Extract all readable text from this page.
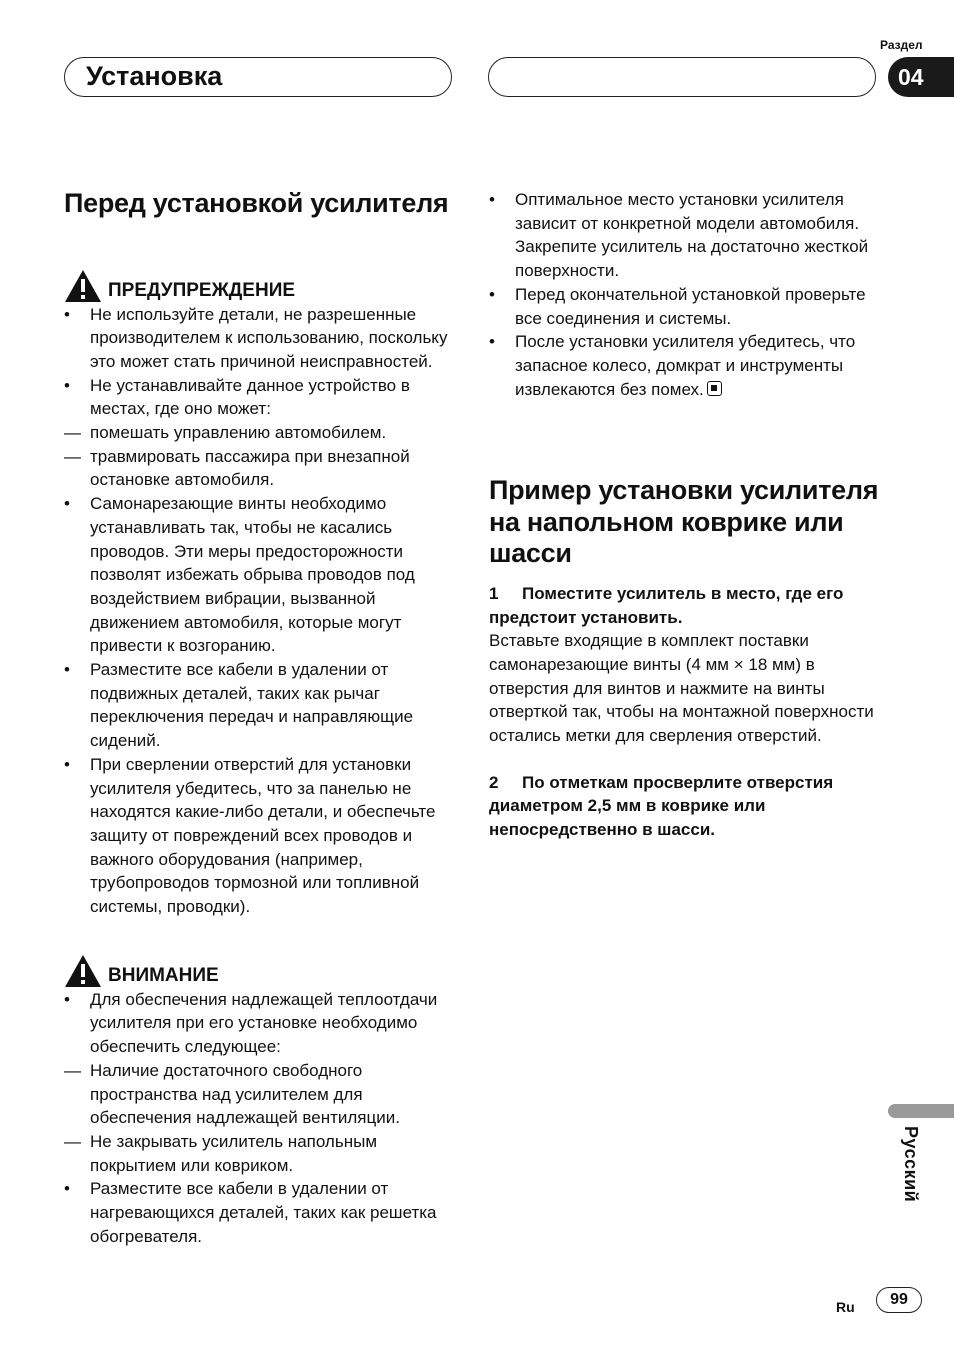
Установка
Раздел
04
Перед установкой усилителя
ПРЕДУПРЕЖДЕНИЕ
• Не используйте детали, не разрешенные производителем к использованию, поскольку это может стать причиной неисправностей.
• Не устанавливайте данное устройство в местах, где оно может:
— помешать управлению автомобилем.
— травмировать пассажира при внезапной остановке автомобиля.
• Самонарезающие винты необходимо устанавливать так, чтобы не касались проводов. Эти меры предосторожности позволят избежать обрыва проводов под воздействием вибрации, вызванной движением автомобиля, которые могут привести к возгоранию.
• Разместите все кабели в удалении от подвижных деталей, таких как рычаг переключения передач и направляющие сидений.
• При сверлении отверстий для установки усилителя убедитесь, что за панелью не находятся какие-либо детали, и обеспечьте защиту от повреждений всех проводов и важного оборудования (например, трубопроводов тормозной или топливной системы, проводки).
ВНИМАНИЕ
• Для обеспечения надлежащей теплоотдачи усилителя при его установке необходимо обеспечить следующее:
— Наличие достаточного свободного пространства над усилителем для обеспечения надлежащей вентиляции.
— Не закрывать усилитель напольным покрытием или ковриком.
• Разместите все кабели в удалении от нагревающихся деталей, таких как решетка обогревателя.
• Оптимальное место установки усилителя зависит от конкретной модели автомобиля. Закрепите усилитель на достаточно жесткой поверхности.
• Перед окончательной установкой проверьте все соединения и системы.
• После установки усилителя убедитесь, что запасное колесо, домкрат и инструменты извлекаются без помех.
Пример установки усилителя на напольном коврике или шасси
1 Поместите усилитель в место, где его предстоит установить.
Вставьте входящие в комплект поставки самонарезающие винты (4 мм × 18 мм) в отверстия для винтов и нажмите на винты отверткой так, чтобы на монтажной поверхности остались метки для сверления отверстий.
2 По отметкам просверлите отверстия диаметром 2,5 мм в коврике или непосредственно в шасси.
Русский
Ru	99
